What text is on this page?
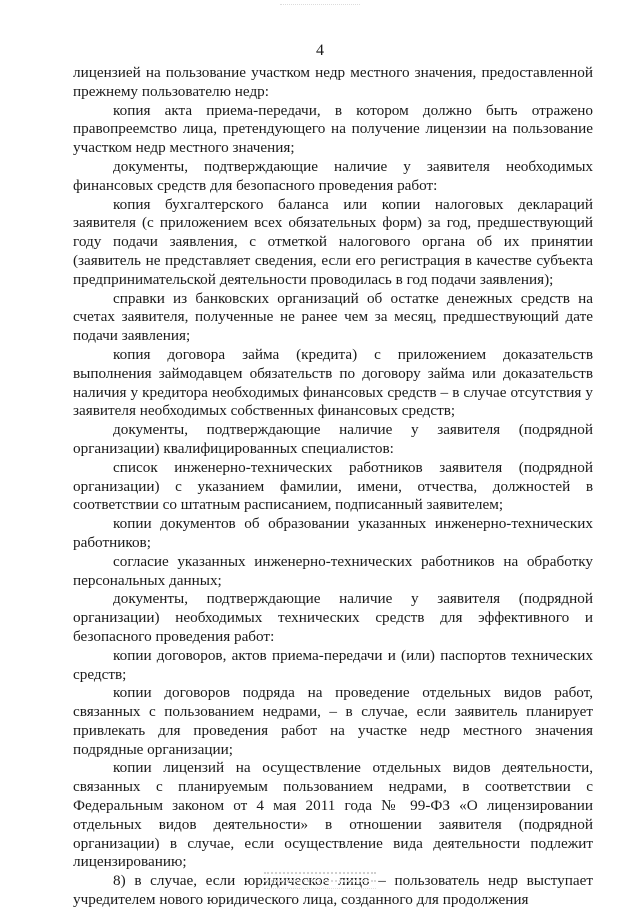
4

лицензией на пользование участком недр местного значения, предоставленной прежнему пользователю недр:

копия акта приема-передачи, в котором должно быть отражено правопреемство лица, претендующего на получение лицензии на пользование участком недр местного значения;

документы, подтверждающие наличие у заявителя необходимых финансовых средств для безопасного проведения работ:

копия бухгалтерского баланса или копии налоговых деклараций заявителя (с приложением всех обязательных форм) за год, предшествующий году подачи заявления, с отметкой налогового органа об их принятии (заявитель не представляет сведения, если его регистрация в качестве субъекта предпринимательской деятельности проводилась в год подачи заявления);

справки из банковских организаций об остатке денежных средств на счетах заявителя, полученные не ранее чем за месяц, предшествующий дате подачи заявления;

копия договора займа (кредита) с приложением доказательств выполнения займодавцем обязательств по договору займа или доказательств наличия у кредитора необходимых финансовых средств – в случае отсутствия у заявителя необходимых собственных финансовых средств;

документы, подтверждающие наличие у заявителя (подрядной организации) квалифицированных специалистов:

список инженерно-технических работников заявителя (подрядной организации) с указанием фамилии, имени, отчества, должностей в соответствии со штатным расписанием, подписанный заявителем;

копии документов об образовании указанных инженерно-технических работников;

согласие указанных инженерно-технических работников на обработку персональных данных;

документы, подтверждающие наличие у заявителя (подрядной организации) необходимых технических средств для эффективного и безопасного проведения работ:

копии договоров, актов приема-передачи и (или) паспортов технических средств;

копии договоров подряда на проведение отдельных видов работ, связанных с пользованием недрами, – в случае, если заявитель планирует привлекать для проведения работ на участке недр местного значения подрядные организации;

копии лицензий на осуществление отдельных видов деятельности, связанных с планируемым пользованием недрами, в соответствии с Федеральным законом от 4 мая 2011 года № 99-ФЗ «О лицензировании отдельных видов деятельности» в отношении заявителя (подрядной организации) в случае, если осуществление вида деятельности подлежит лицензированию;

8) в случае, если юридическое лицо – пользователь недр выступает учредителем нового юридического лица, созданного для продолжения
